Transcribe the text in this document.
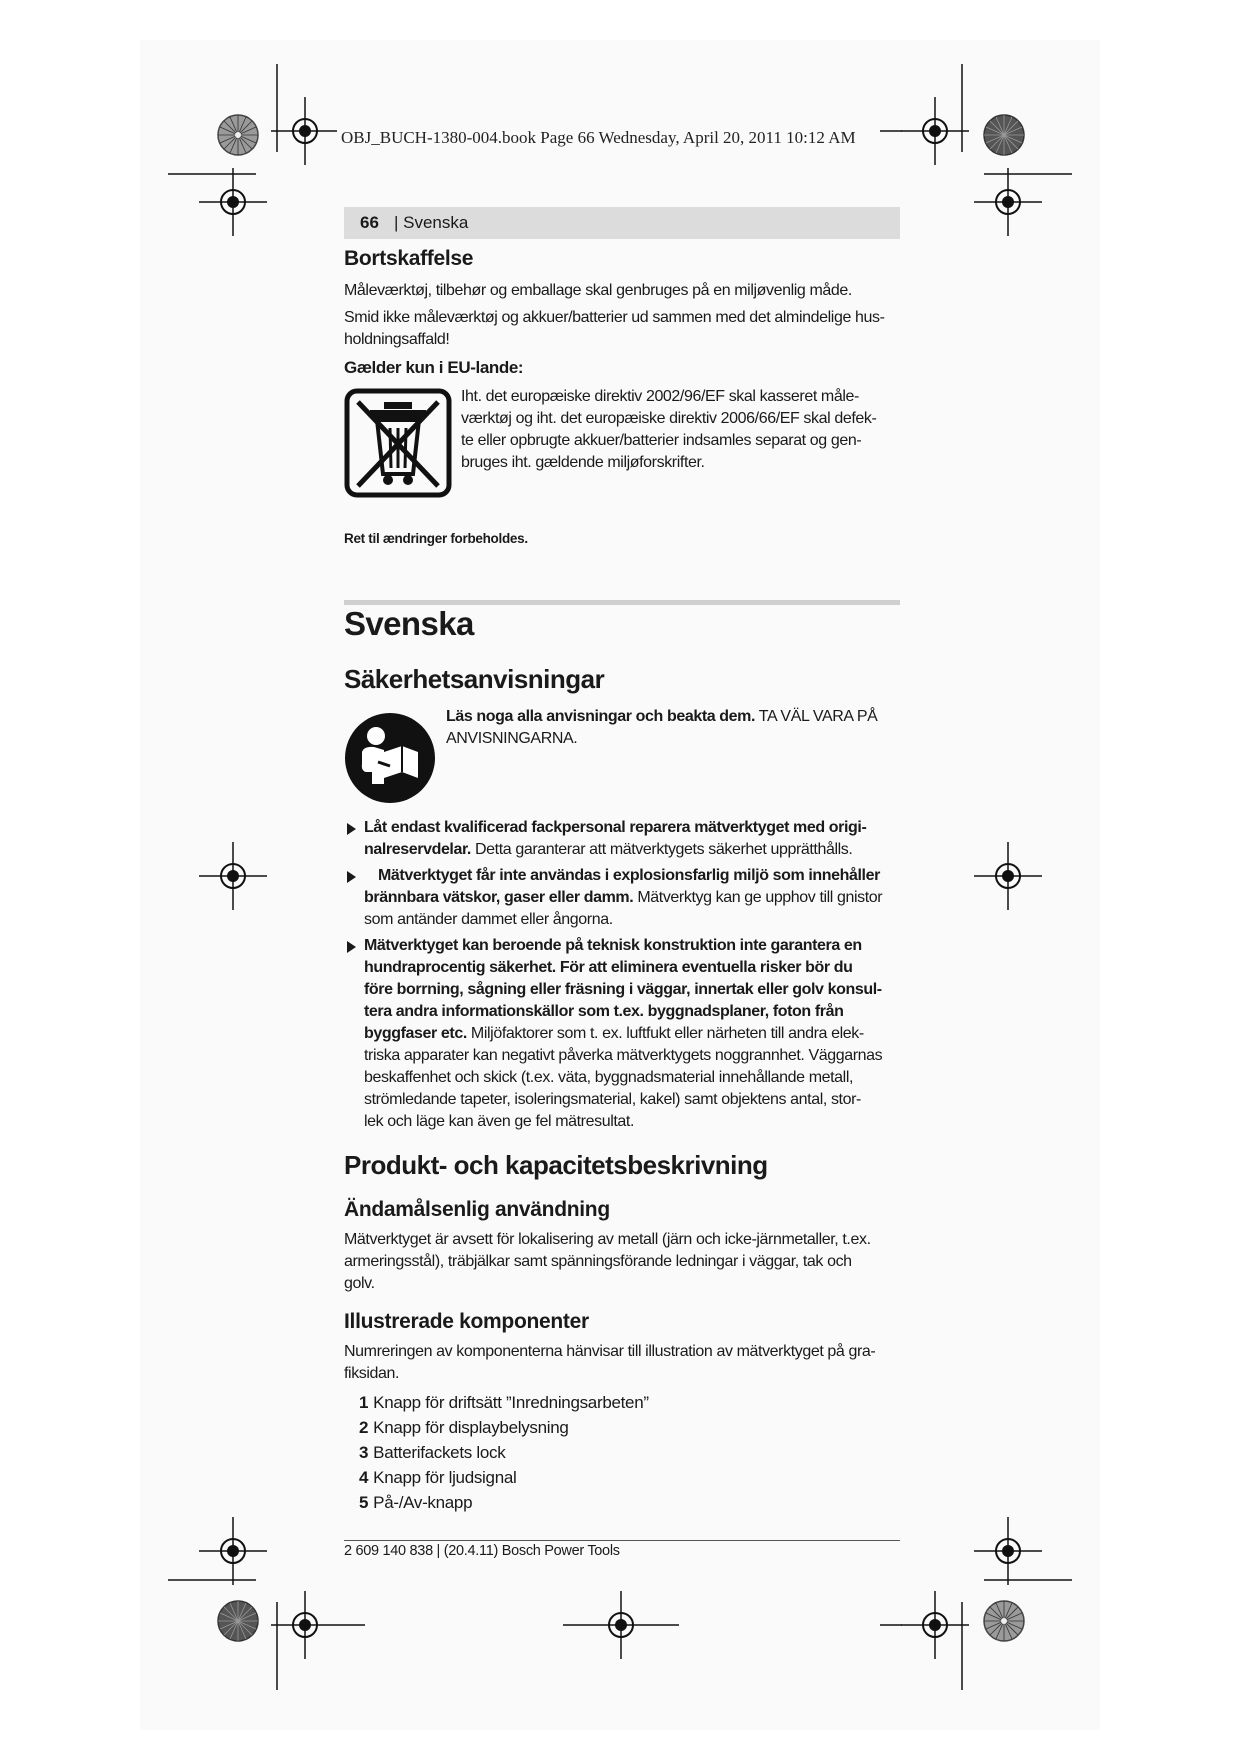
OBJ_BUCH-1380-004.book Page 66 Wednesday, April 20, 2011 10:12 AM
66 | Svenska
Bortskaffelse
Måleværktøj, tilbehør og emballage skal genbruges på en miljøvenlig måde.
Smid ikke måleværktøj og akkuer/batterier ud sammen med det almindelige hus-
holdningsaffald!
Gælder kun i EU-lande:
Iht. det europæiske direktiv 2002/96/EF skal kasseret måle-
værktøj og iht. det europæiske direktiv 2006/66/EF skal defek-
te eller opbrugte akkuer/batterier indsamles separat og gen-
bruges iht. gældende miljøforskrifter.
Ret til ændringer forbeholdes.
Svenska
Säkerhetsanvisningar
Läs noga alla anvisningar och beakta dem. TA VÄL VARA PÅ
ANVISNINGARNA.
Låt endast kvalificerad fackpersonal reparera mätverktyget med origi-
nalreservdelar. Detta garanterar att mätverktygets säkerhet upprätthålls.
Mätverktyget får inte användas i explosionsfarlig miljö som innehåller
brännbara vätskor, gaser eller damm. Mätverktyg kan ge upphov till gnistor
som antänder dammet eller ångorna.
Mätverktyget kan beroende på teknisk konstruktion inte garantera en
hundraprocentig säkerhet. För att eliminera eventuella risker bör du
före borrning, sågning eller fräsning i väggar, innertak eller golv konsul-
tera andra informationskällor som t.ex. byggnadsplaner, foton från
byggfaser etc. Miljöfaktorer som t. ex. luftfukt eller närheten till andra elek-
triska apparater kan negativt påverka mätverktygets noggrannhet. Väggarnas
beskaffenhet och skick (t.ex. väta, byggnadsmaterial innehållande metall,
strömledande tapeter, isoleringsmaterial, kakel) samt objektens antal, stor-
lek och läge kan även ge fel mätresultat.
Produkt- och kapacitetsbeskrivning
Ändamålsenlig användning
Mätverktyget är avsett för lokalisering av metall (järn och icke-järnmetaller, t.ex.
armeringsstål), träbjälkar samt spänningsförande ledningar i väggar, tak och
golv.
Illustrerade komponenter
Numreringen av komponenterna hänvisar till illustration av mätverktyget på gra-
fiksidan.
1 Knapp för driftsätt ”Inredningsarbeten”
2 Knapp för displaybelysning
3 Batterifackets lock
4 Knapp för ljudsignal
5 På-/Av-knapp
2 609 140 838 | (20.4.11) Bosch Power Tools
